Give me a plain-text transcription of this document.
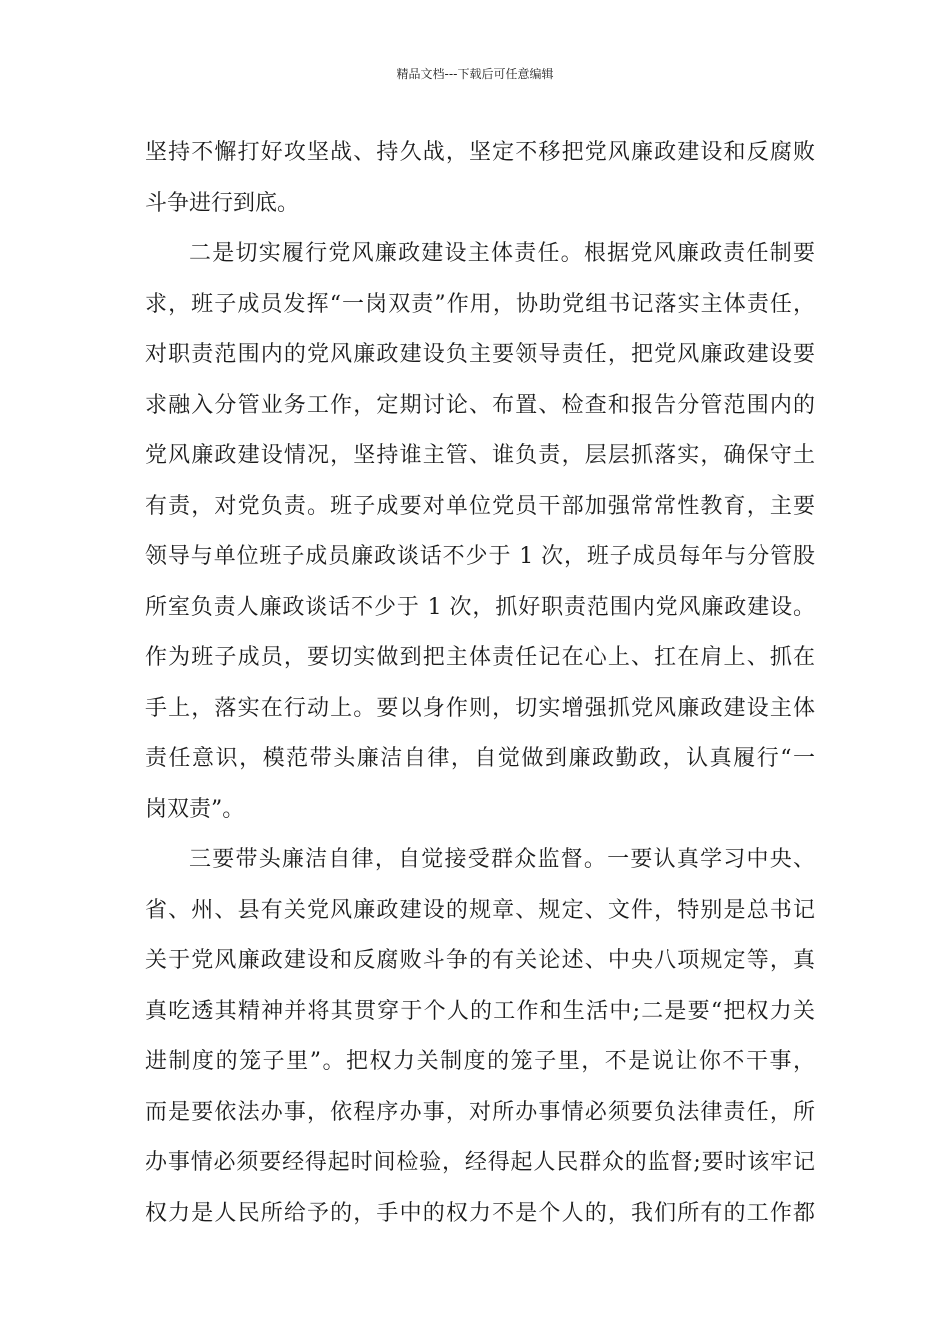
精品文档---下载后可任意编辑
坚持不懈打好攻坚战、持久战，坚定不移把党风廉政建设和反腐败
斗争进行到底。
二是切实履行党风廉政建设主体责任。根据党风廉政责任制要
求，班子成员发挥“一岗双责”作用，协助党组书记落实主体责任，
对职责范围内的党风廉政建设负主要领导责任，把党风廉政建设要
求融入分管业务工作，定期讨论、布置、检查和报告分管范围内的
党风廉政建设情况，坚持谁主管、谁负责，层层抓落实，确保守土
有责，对党负责。班子成要对单位党员干部加强常常性教育，主要
领导与单位班子成员廉政谈话不少于 1 次，班子成员每年与分管股
所室负责人廉政谈话不少于 1 次，抓好职责范围内党风廉政建设。
作为班子成员，要切实做到把主体责任记在心上、扛在肩上、抓在
手上，落实在行动上。要以身作则，切实增强抓党风廉政建设主体
责任意识，模范带头廉洁自律，自觉做到廉政勤政，认真履行“一
岗双责”。
三要带头廉洁自律，自觉接受群众监督。一要认真学习中央、
省、州、县有关党风廉政建设的规章、规定、文件，特别是总书记
关于党风廉政建设和反腐败斗争的有关论述、中央八项规定等，真
真吃透其精神并将其贯穿于个人的工作和生活中;二是要“把权力关
进制度的笼子里”。把权力关制度的笼子里，不是说让你不干事，
而是要依法办事，依程序办事，对所办事情必须要负法律责任，所
办事情必须要经得起时间检验，经得起人民群众的监督;要时该牢记
权力是人民所给予的，手中的权力不是个人的，我们所有的工作都
